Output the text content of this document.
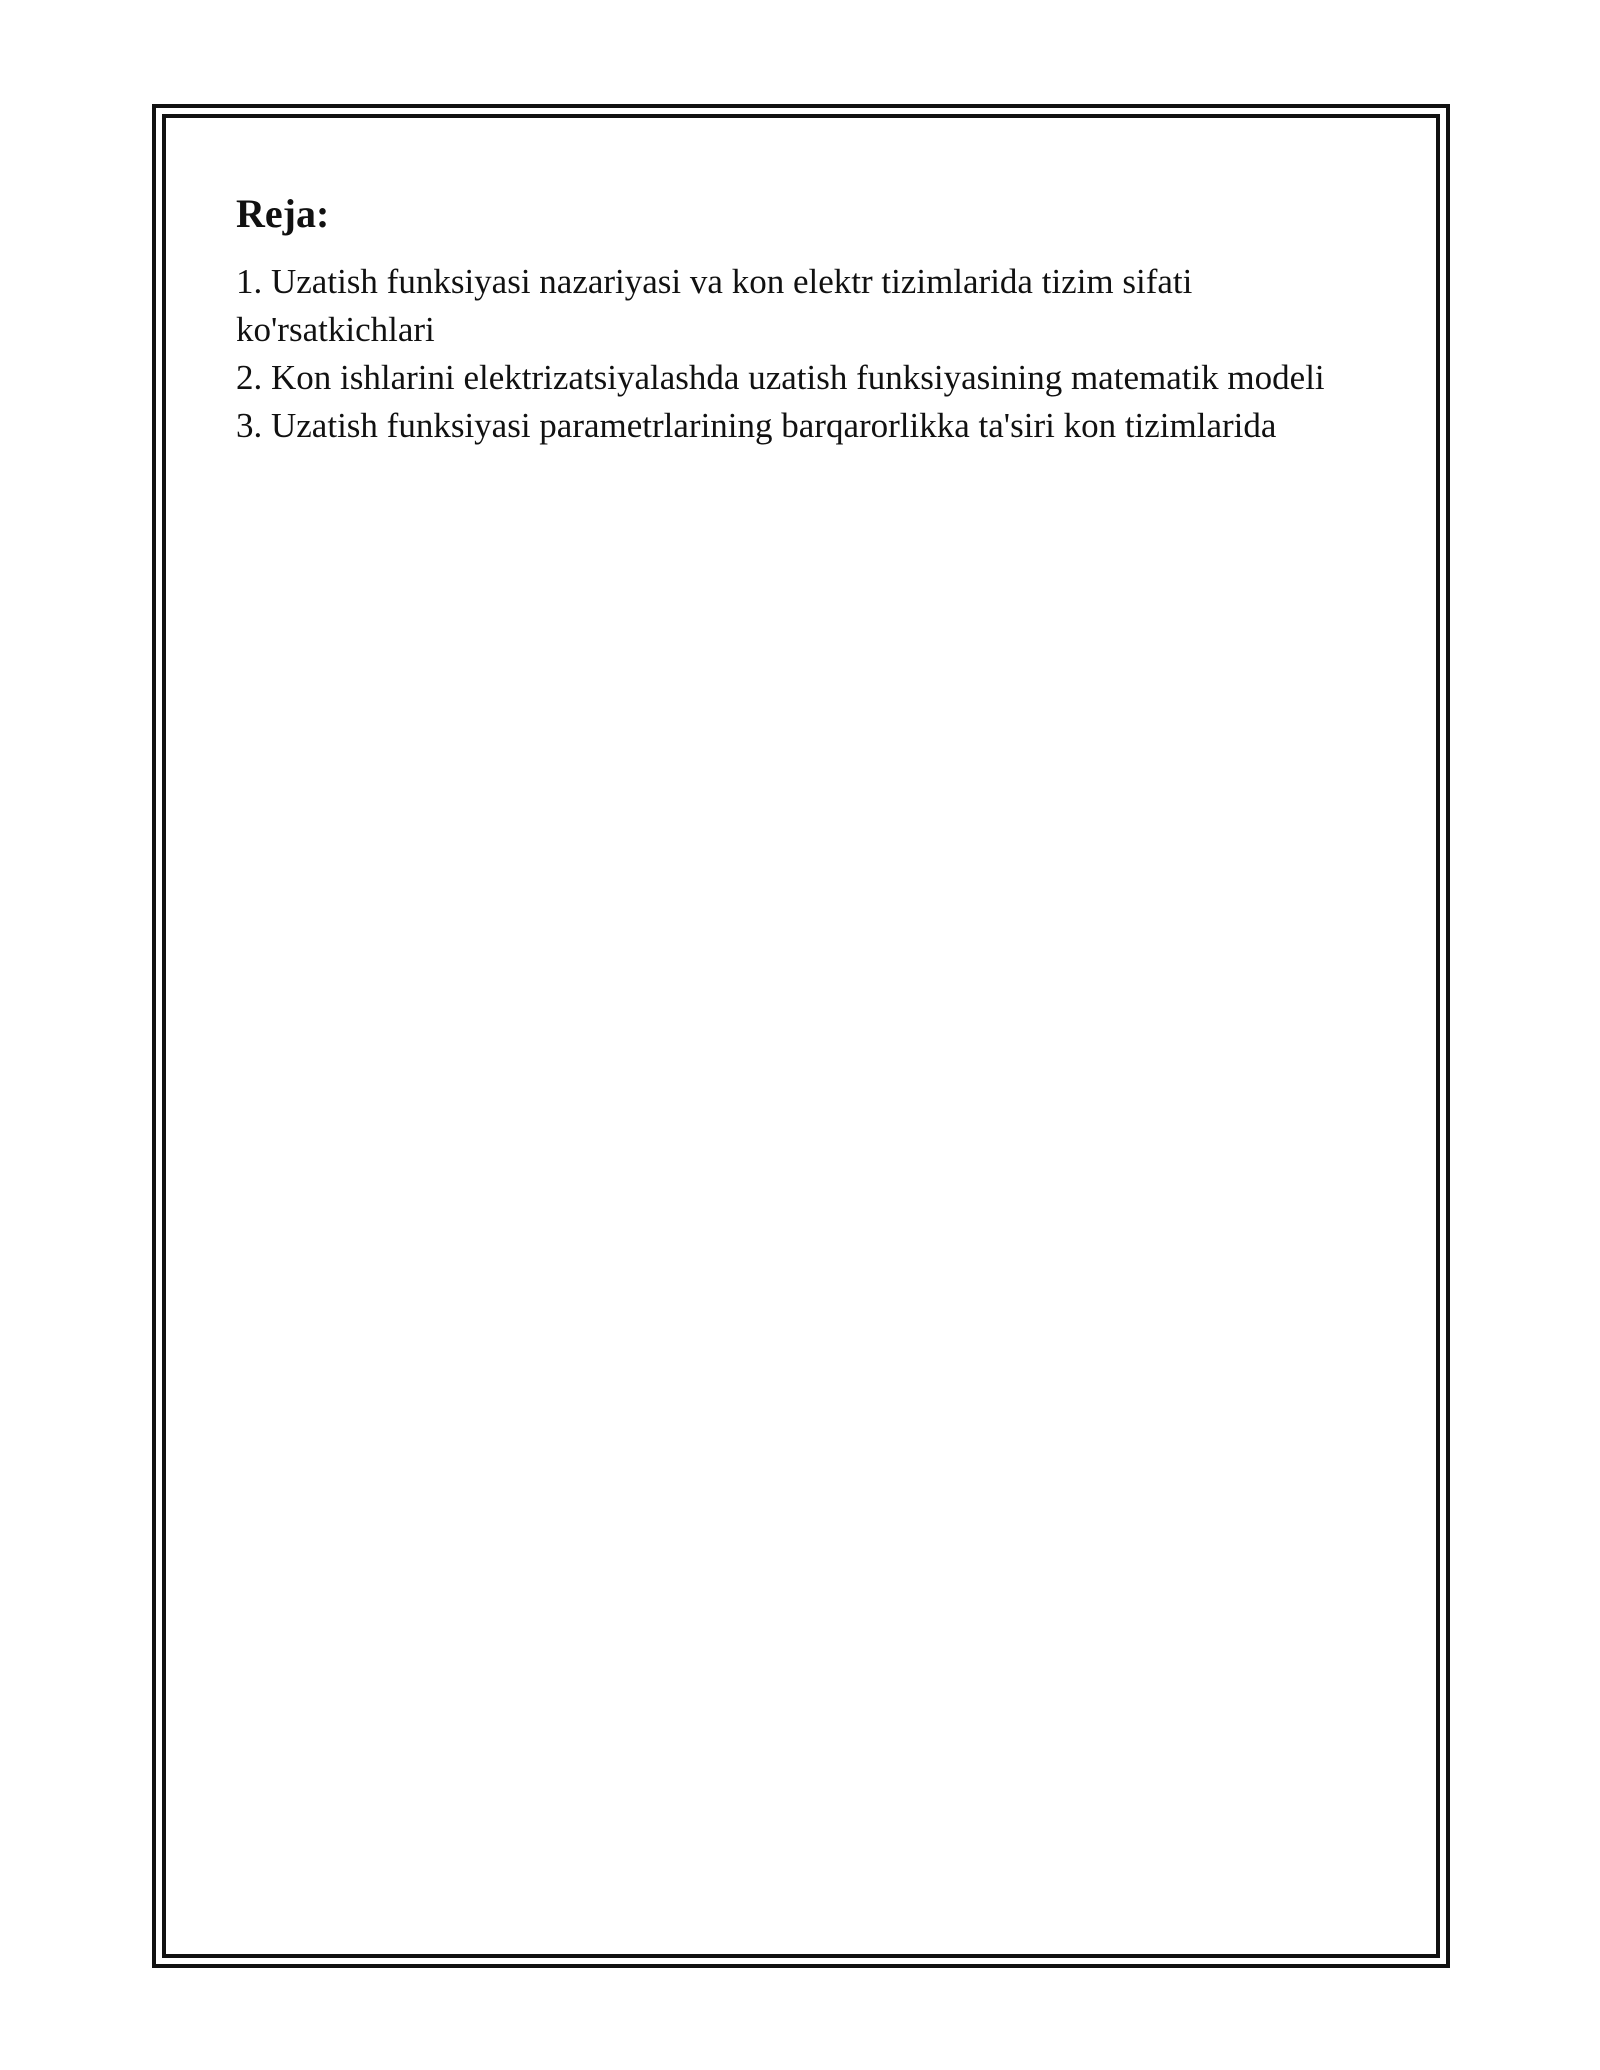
Reja:
1. Uzatish funksiyasi nazariyasi va kon elektr tizimlarida tizim sifati ko'rsatkichlari
2. Kon ishlarini elektrizatsiyalashda uzatish funksiyasining matematik modeli
3. Uzatish funksiyasi parametrlarining barqarorlikka ta'siri kon tizimlarida
